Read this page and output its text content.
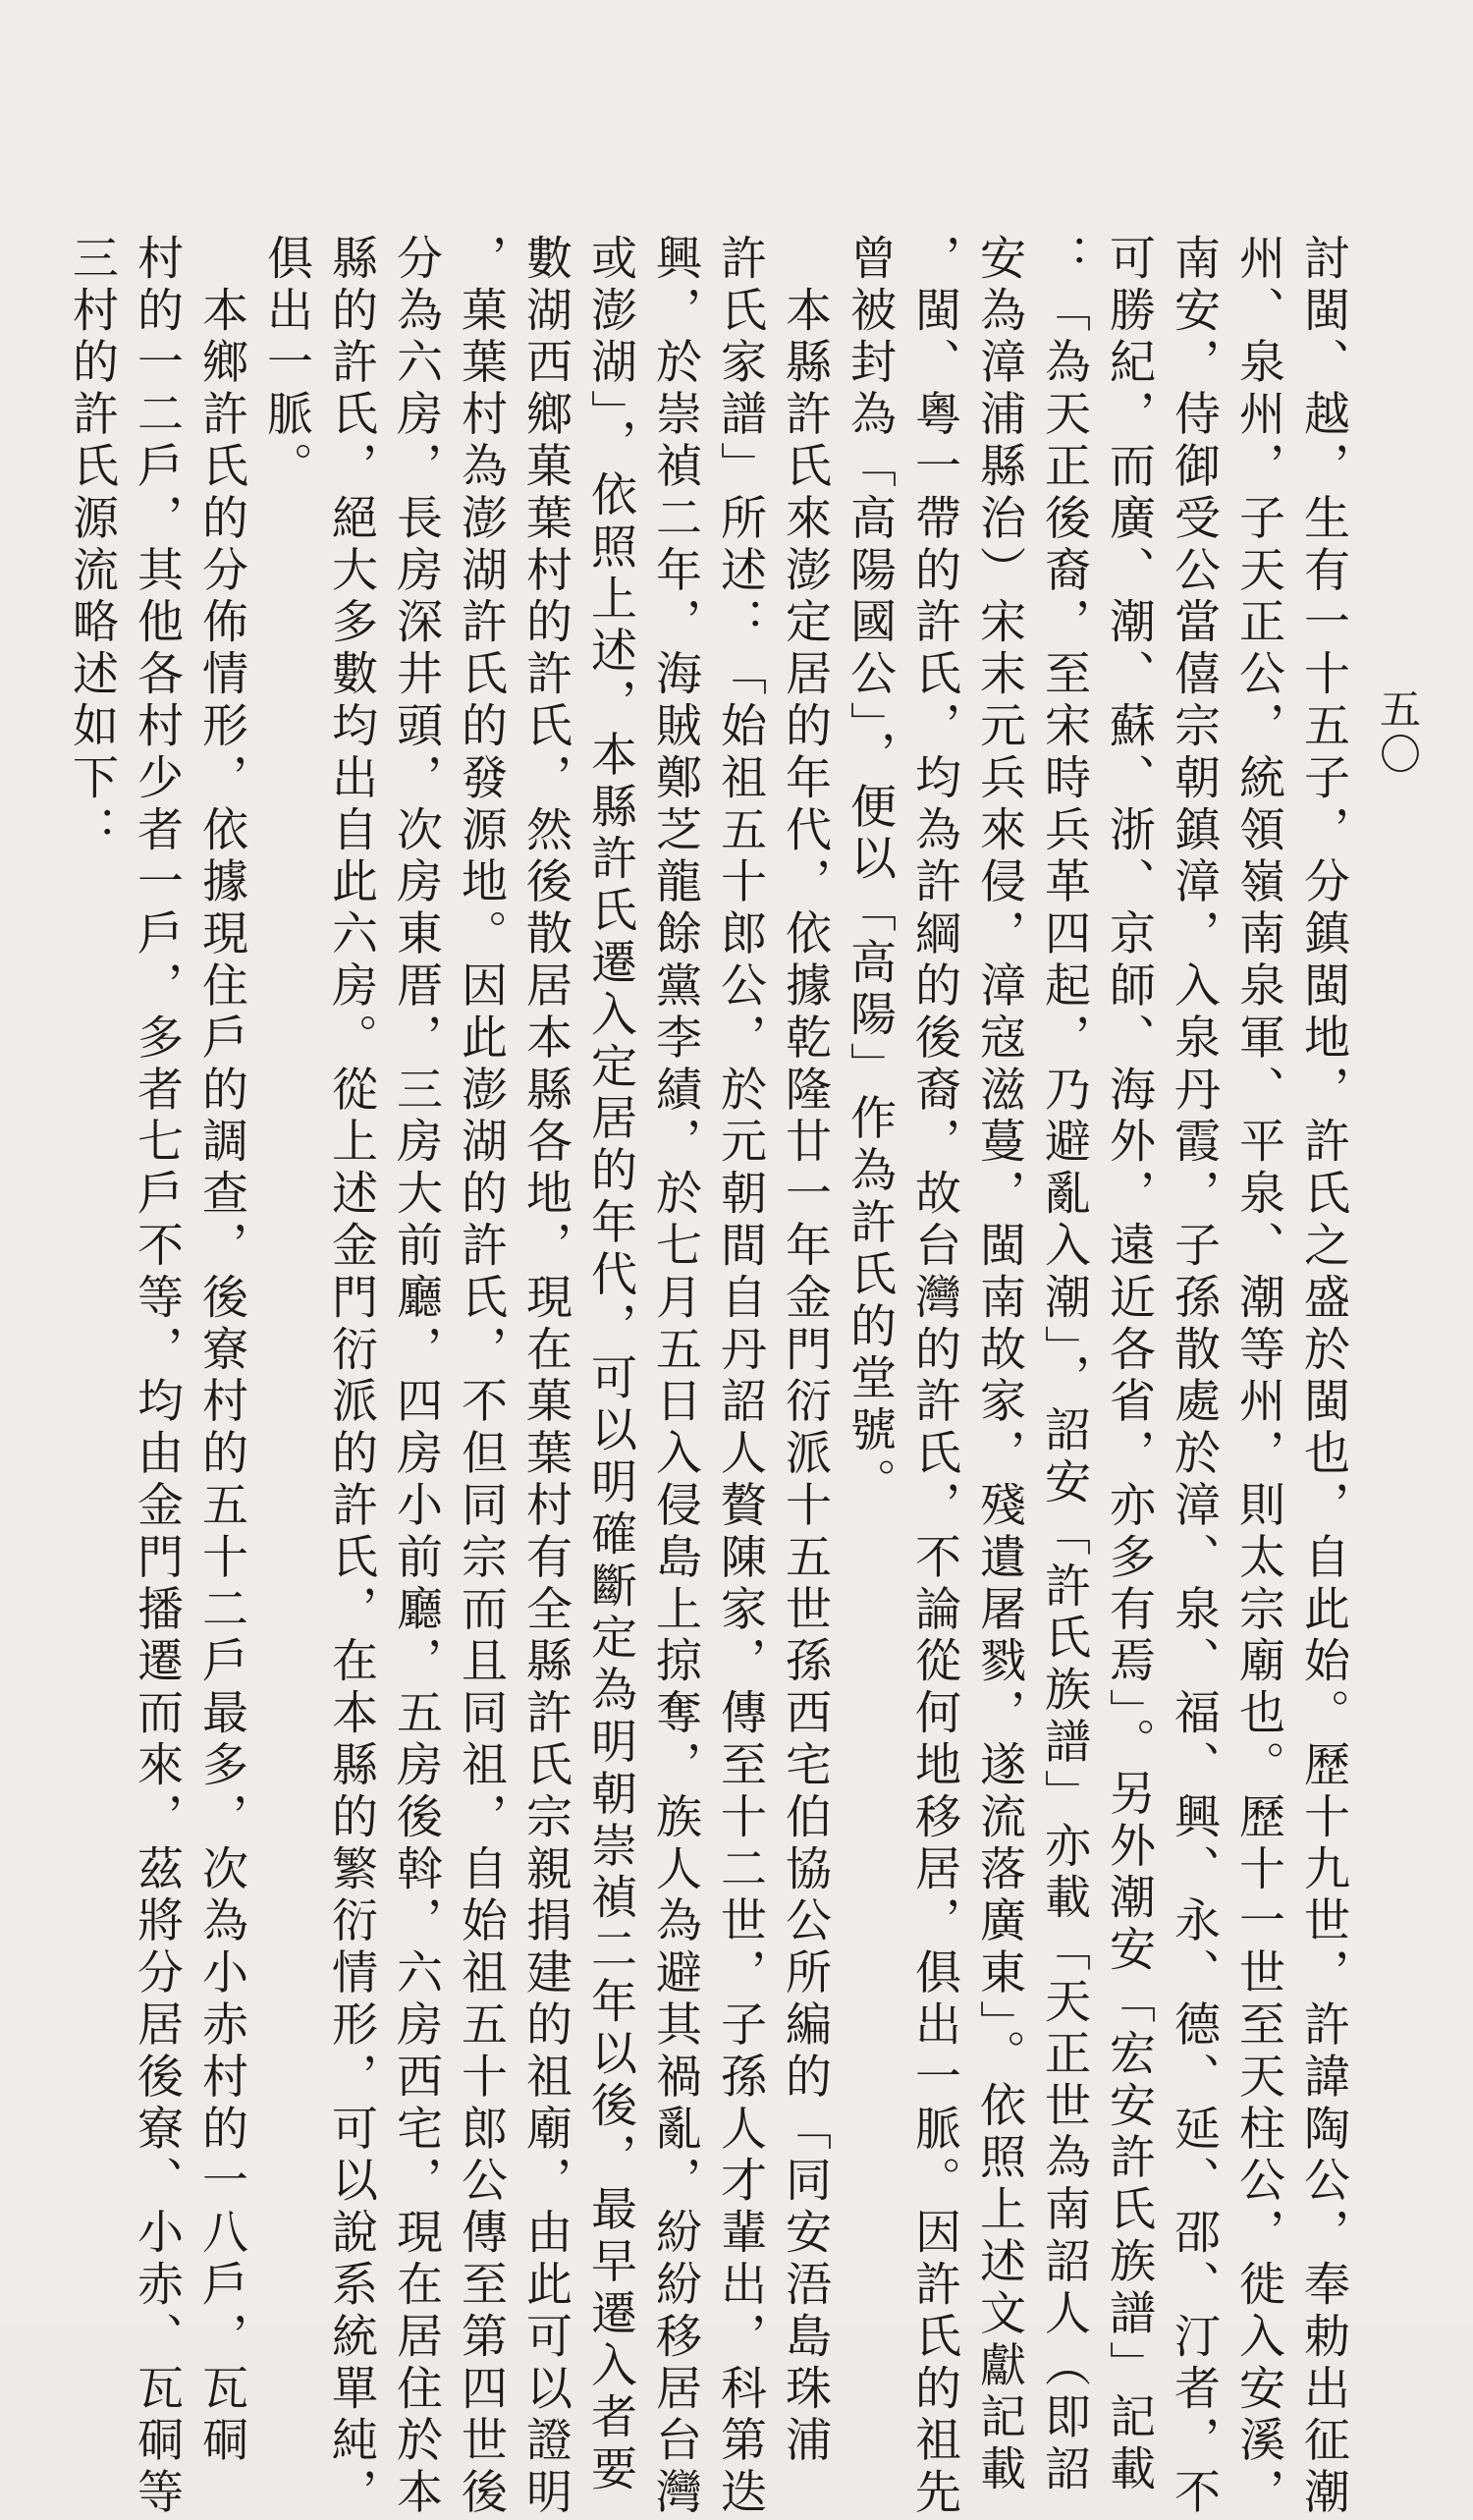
五〇
討閩、越，生有一十五子，分鎮閩地，許氏之盛於閩也，自此始。歷十九世，許諱陶公，奉勅出征潮
州、泉州，子天正公，統領嶺南泉軍、平泉、潮等州，則太宗廟也。歷十一世至天柱公，徙入安溪，
南安，侍御受公當僖宗朝鎮漳，入泉丹霞，子孫散處於漳、泉、福、興、永、德、延、邵、汀者，不
可勝紀，而廣、潮、蘇、浙、京師、海外，遠近各省，亦多有焉」。另外潮安「宏安許氏族譜」記載
：「為天正後裔，至宋時兵革四起，乃避亂入潮」，詔安「許氏族譜」亦載「天正世為南詔人（即詔
安為漳浦縣治）宋末元兵來侵，漳寇滋蔓，閩南故家，殘遺屠戮，遂流落廣東」。依照上述文獻記載
，閩、粵一帶的許氏，均為許綱的後裔，故台灣的許氏，不論從何地移居，俱出一脈。因許氏的祖先
曾被封為「高陽國公」，便以「高陽」作為許氏的堂號。
　本縣許氏來澎定居的年代，依據乾隆廿一年金門衍派十五世孫西宅伯協公所編的「同安浯島珠浦
許氏家譜」所述：「始祖五十郎公，於元朝間自丹詔人贅陳家，傳至十二世，子孫人才輩出，科第迭
興，於崇禎二年，海賊鄭芝龍餘黨李績，於七月五日入侵島上掠奪，族人為避其禍亂，紛紛移居台灣
或澎湖」，依照上述，本縣許氏遷入定居的年代，可以明確斷定為明朝崇禎二年以後，最早遷入者要
數湖西鄉菓葉村的許氏，然後散居本縣各地，現在菓葉村有全縣許氏宗親捐建的祖廟，由此可以證明
，菓葉村為澎湖許氏的發源地。因此澎湖的許氏，不但同宗而且同祖，自始祖五十郎公傳至第四世後
分為六房，長房深井頭，次房東厝，三房大前廳，四房小前廳，五房後斡，六房西宅，現在居住於本
縣的許氏，絕大多數均出自此六房。從上述金門衍派的許氏，在本縣的繁衍情形，可以說系統單純，
俱出一脈。
　本鄉許氏的分佈情形，依據現住戶的調查，後寮村的五十二戶最多，次為小赤村的一八戶，瓦硐
村的一二戶，其他各村少者一戶，多者七戶不等，均由金門播遷而來，茲將分居後寮、小赤、瓦硐等
三村的許氏源流略述如下：
